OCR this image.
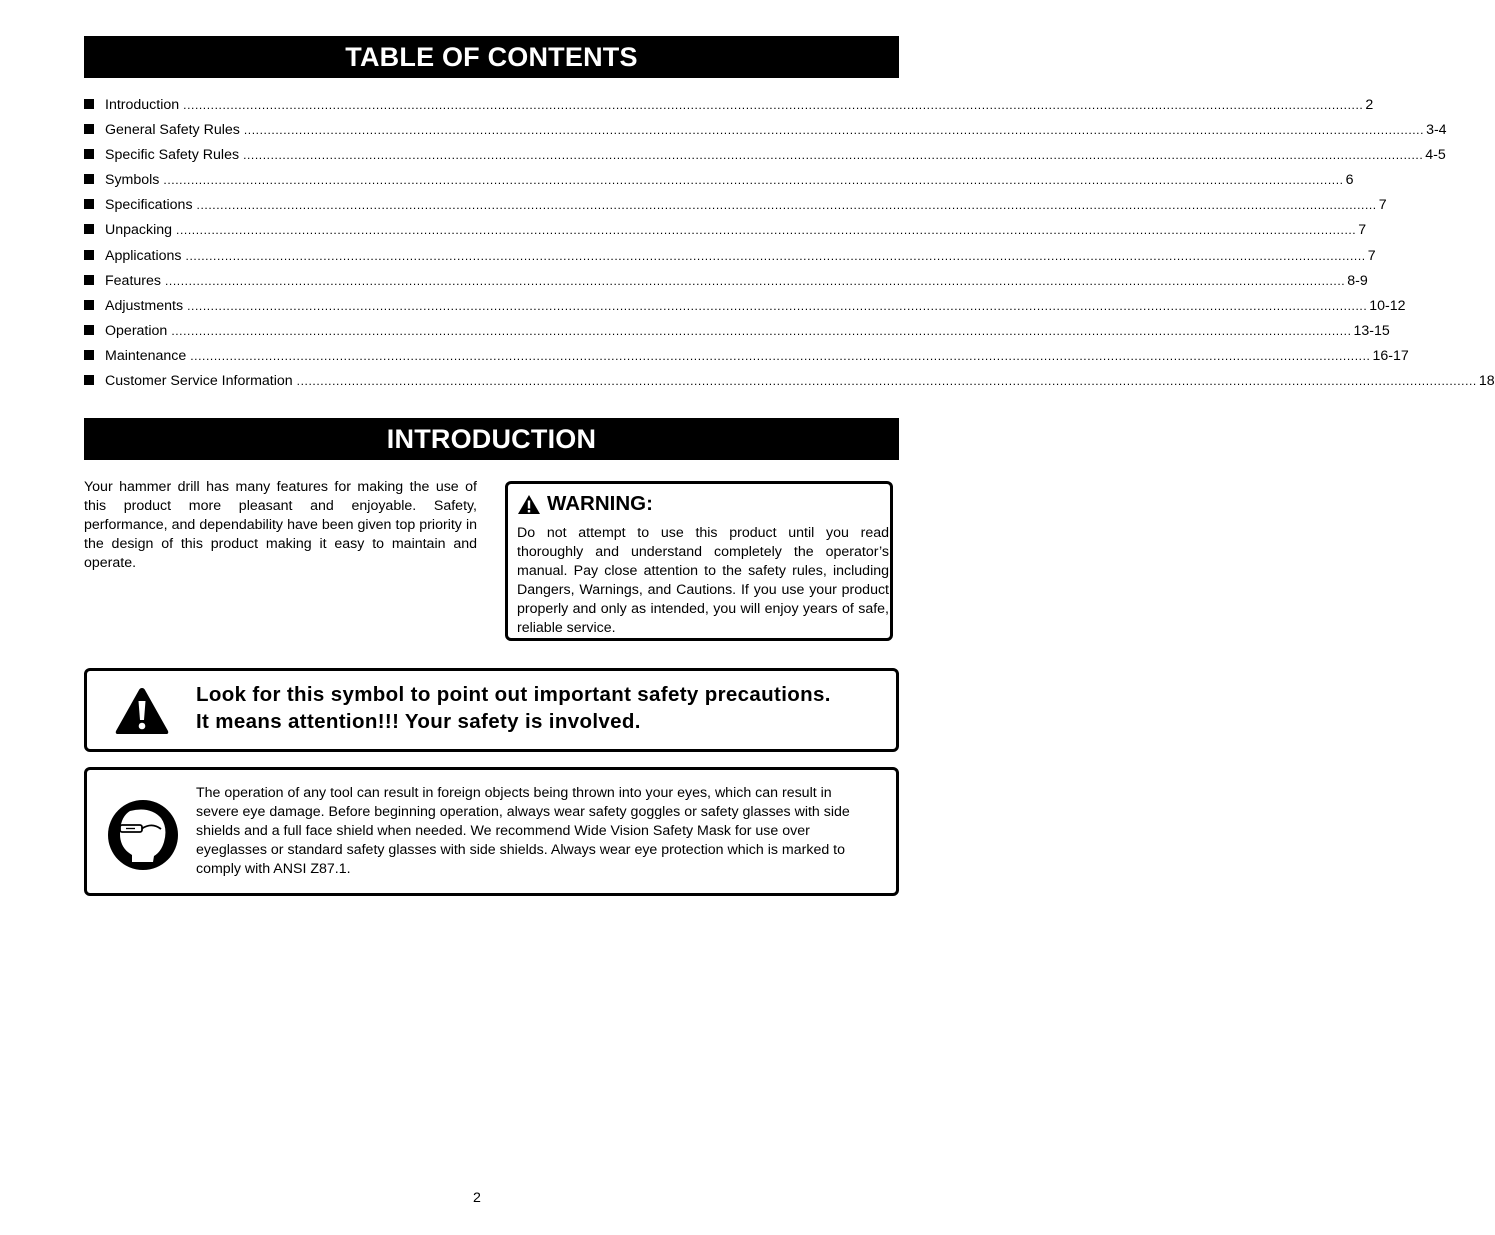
TABLE OF CONTENTS
Introduction ............................................................................................................................................................................................................................................................................................................ 2
General Safety Rules ............................................................................................................................................................................................................................................................................................................ 3-4
Specific Safety Rules ............................................................................................................................................................................................................................................................................................................ 4-5
Symbols ............................................................................................................................................................................................................................................................................................................ 6
Specifications ............................................................................................................................................................................................................................................................................................................ 7
Unpacking ............................................................................................................................................................................................................................................................................................................ 7
Applications ............................................................................................................................................................................................................................................................................................................ 7
Features ............................................................................................................................................................................................................................................................................................................ 8-9
Adjustments ............................................................................................................................................................................................................................................................................................................ 10-12
Operation ............................................................................................................................................................................................................................................................................................................ 13-15
Maintenance ............................................................................................................................................................................................................................................................................................................ 16-17
Customer Service Information ............................................................................................................................................................................................................................................................................................................ 18
INTRODUCTION

Your hammer drill has many features for making the use of this product more pleasant and enjoyable. Safety, performance, and dependability have been given top priority in the design of this product making it easy to maintain and operate.

WARNING:

Do not attempt to use this product until you read thoroughly and understand completely the operator’s manual. Pay close attention to the safety rules, including Dangers, Warnings, and Cautions. If you use your product properly and only as intended, you will enjoy years of safe, reliable service.

Look for this symbol to point out important safety precautions.
It means attention!!! Your safety is involved.

The operation of any tool can result in foreign objects being thrown into your eyes, which can result in severe eye damage. Before beginning operation, always wear safety goggles or safety glasses with side shields and a full face shield when needed. We recommend Wide Vision Safety Mask for use over eyeglasses or standard safety glasses with side shields. Always wear eye protection which is marked to comply with ANSI Z87.1.

2
